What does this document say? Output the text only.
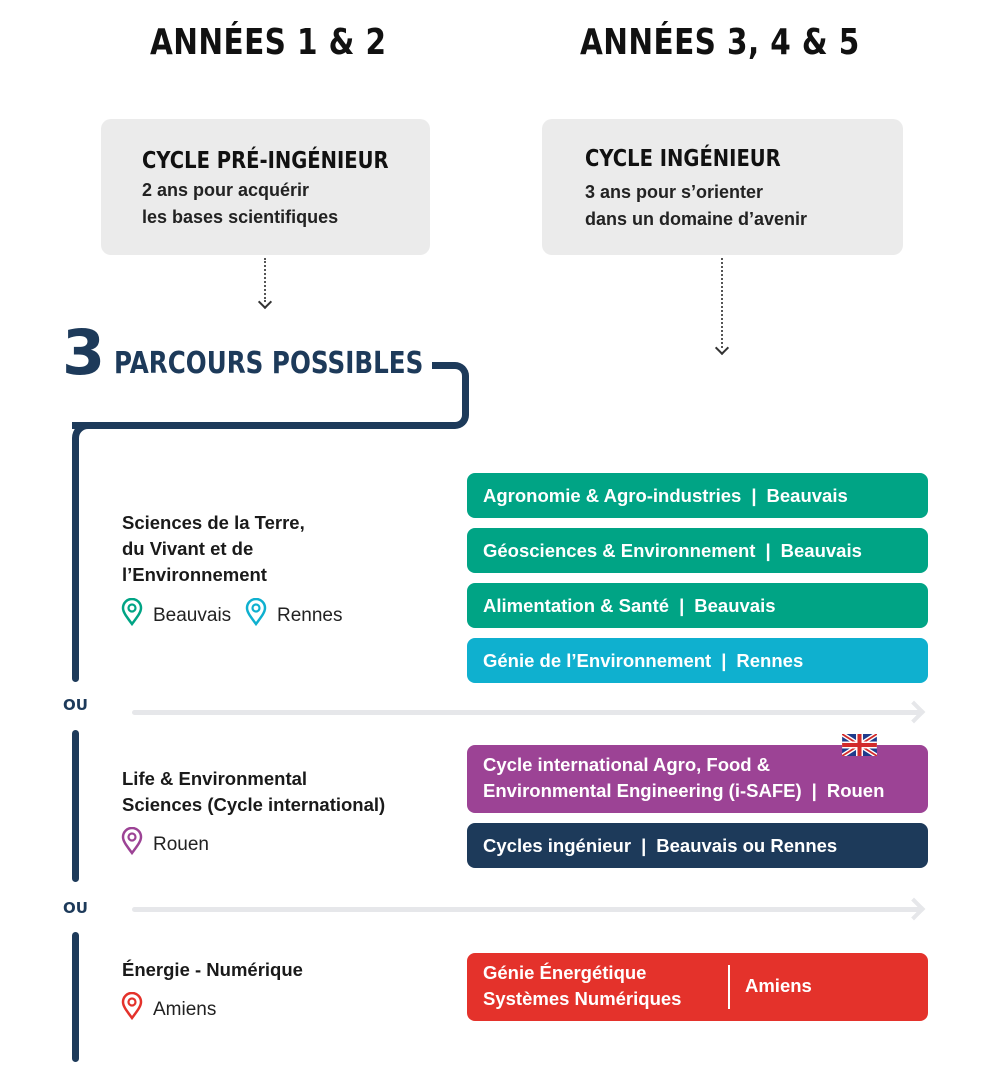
ANNÉES 1 & 2	ANNÉES 3, 4 & 5
CYCLE PRÉ-INGÉNIEUR
2 ans pour acquérir
les bases scientifiques
CYCLE INGÉNIEUR
3 ans pour s’orienter
dans un domaine d’avenir
3 PARCOURS POSSIBLES
OU
OU
Sciences de la Terre,
du Vivant et de
l’Environnement
Beauvais Rennes
Agronomie & Agro-industries | Beauvais
Géosciences & Environnement | Beauvais
Alimentation & Santé | Beauvais
Génie de l’Environnement | Rennes
Life & Environmental
Sciences (Cycle international)
Rouen
Cycle international Agro, Food &
Environmental Engineering (i-SAFE) | Rouen
Cycles ingénieur | Beauvais ou Rennes
Énergie - Numérique
Amiens
Génie Énergétique
Systèmes Numériques
Amiens
